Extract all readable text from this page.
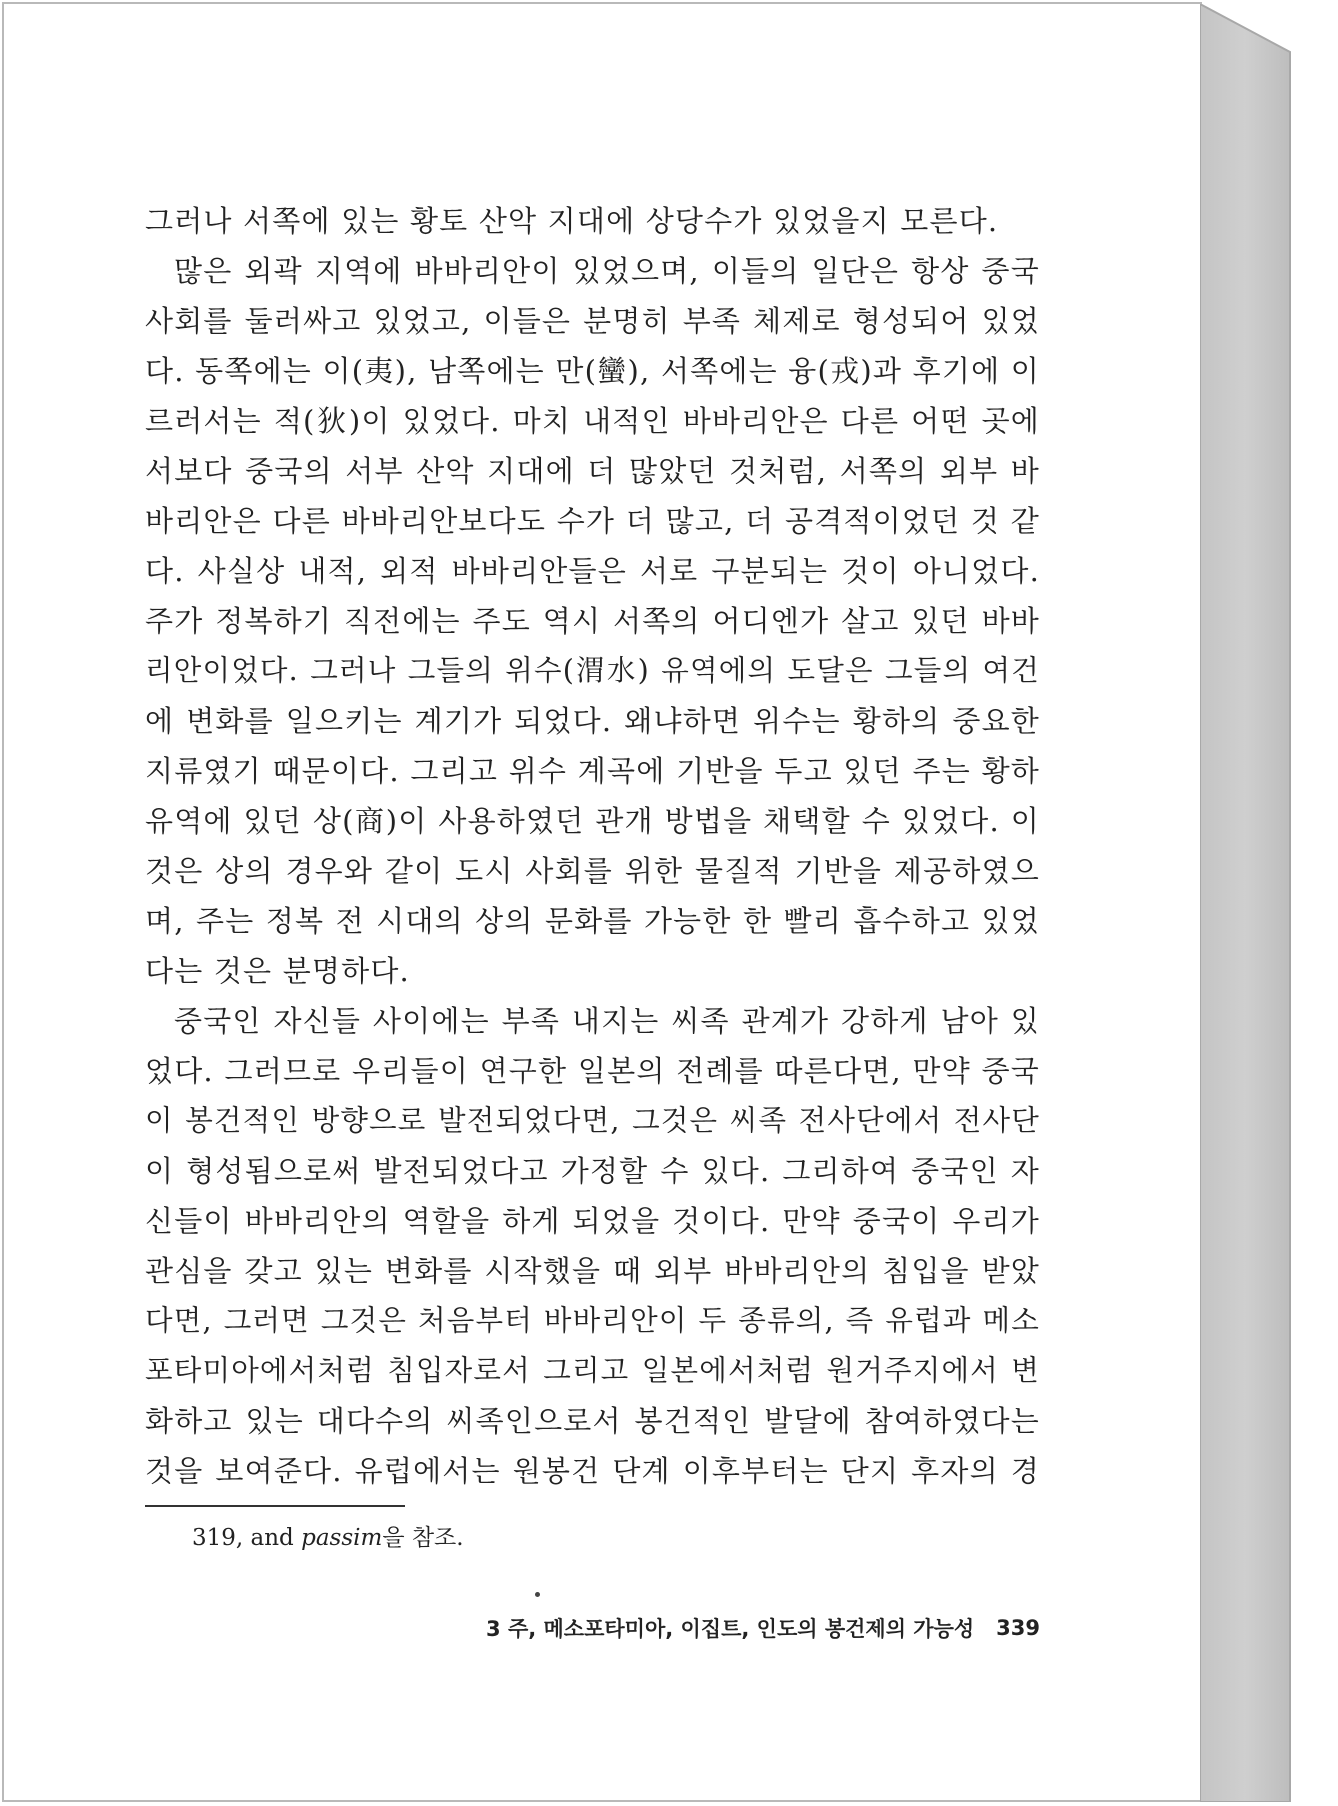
그러나 서쪽에 있는 황토 산악 지대에 상당수가 있었을지 모른다.
많은 외곽 지역에 바바리안이 있었으며, 이들의 일단은 항상 중국
사회를 둘러싸고 있었고, 이들은 분명히 부족 체제로 형성되어 있었
다. 동쪽에는 이(夷), 남쪽에는 만(蠻), 서쪽에는 융(戎)과 후기에 이
르러서는 적(狄)이 있었다. 마치 내적인 바바리안은 다른 어떤 곳에
서보다 중국의 서부 산악 지대에 더 많았던 것처럼, 서쪽의 외부 바
바리안은 다른 바바리안보다도 수가 더 많고, 더 공격적이었던 것 같
다. 사실상 내적, 외적 바바리안들은 서로 구분되는 것이 아니었다.
주가 정복하기 직전에는 주도 역시 서쪽의 어디엔가 살고 있던 바바
리안이었다. 그러나 그들의 위수(渭水) 유역에의 도달은 그들의 여건
에 변화를 일으키는 계기가 되었다. 왜냐하면 위수는 황하의 중요한
지류였기 때문이다. 그리고 위수 계곡에 기반을 두고 있던 주는 황하
유역에 있던 상(商)이 사용하였던 관개 방법을 채택할 수 있었다. 이
것은 상의 경우와 같이 도시 사회를 위한 물질적 기반을 제공하였으
며, 주는 정복 전 시대의 상의 문화를 가능한 한 빨리 흡수하고 있었
다는 것은 분명하다.
중국인 자신들 사이에는 부족 내지는 씨족 관계가 강하게 남아 있
었다. 그러므로 우리들이 연구한 일본의 전례를 따른다면, 만약 중국
이 봉건적인 방향으로 발전되었다면, 그것은 씨족 전사단에서 전사단
이 형성됨으로써 발전되었다고 가정할 수 있다. 그리하여 중국인 자
신들이 바바리안의 역할을 하게 되었을 것이다. 만약 중국이 우리가
관심을 갖고 있는 변화를 시작했을 때 외부 바바리안의 침입을 받았
다면, 그러면 그것은 처음부터 바바리안이 두 종류의, 즉 유럽과 메소
포타미아에서처럼 침입자로서 그리고 일본에서처럼 원거주지에서 변
화하고 있는 대다수의 씨족인으로서 봉건적인 발달에 참여하였다는
것을 보여준다. 유럽에서는 원봉건 단계 이후부터는 단지 후자의 경
319, and passim을 참조.
3 주, 메소포타미아, 이집트, 인도의 봉건제의 가능성 339
